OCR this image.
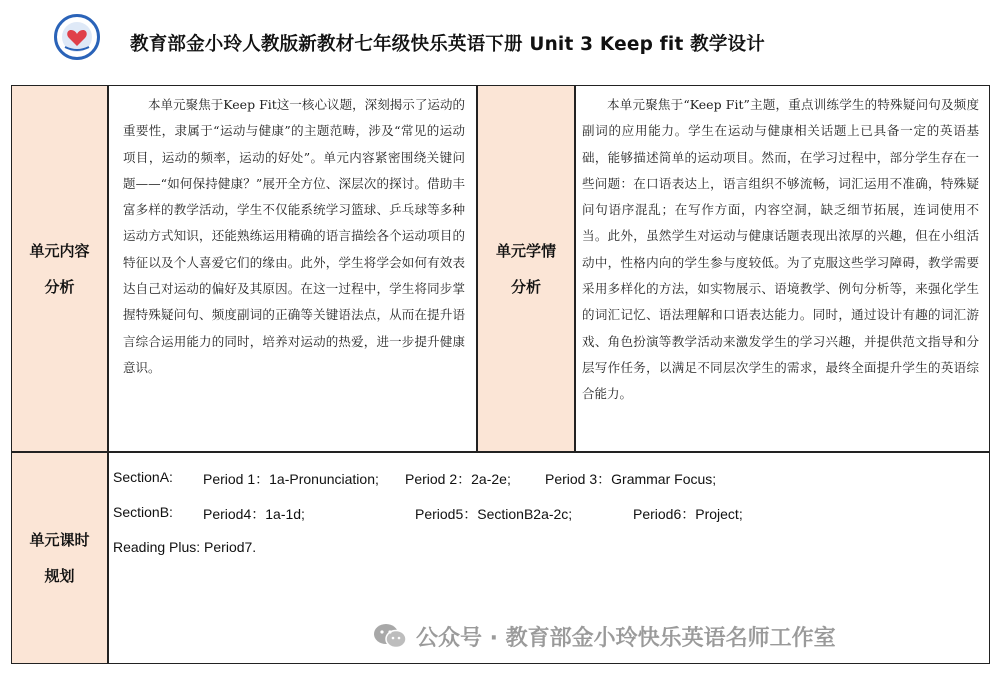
教育部金小玲人教版新教材七年级快乐英语下册 Unit 3 Keep fit 教学设计
单元内容
分析

本单元聚焦于Keep Fit这一核心议题，深刻揭示了运动的重要性，隶属于“运动与健康”的主题范畴，涉及“常见的运动项目，运动的频率，运动的好处”。单元内容紧密围绕关键问题——“如何保持健康？”展开全方位、深层次的探讨。借助丰富多样的教学活动，学生不仅能系统学习篮球、乒乓球等多种运动方式知识，还能熟练运用精确的语言描绘各个运动项目的特征以及个人喜爱它们的缘由。此外，学生将学会如何有效表达自己对运动的偏好及其原因。在这一过程中，学生将同步掌握特殊疑问句、频度副词的正确等关键语法点，从而在提升语言综合运用能力的同时，培养对运动的热爱，进一步提升健康意识。

单元学情
分析

本单元聚焦于“Keep Fit”主题，重点训练学生的特殊疑问句及频度副词的应用能力。学生在运动与健康相关话题上已具备一定的英语基础，能够描述简单的运动项目。然而，在学习过程中，部分学生存在一些问题：在口语表达上，语言组织不够流畅，词汇运用不准确，特殊疑问句语序混乱；在写作方面，内容空洞，缺乏细节拓展，连词使用不当。此外，虽然学生对运动与健康话题表现出浓厚的兴趣，但在小组活动中，性格内向的学生参与度较低。为了克服这些学习障碍，教学需要采用多样化的方法，如实物展示、语境教学、例句分析等，来强化学生的词汇记忆、语法理解和口语表达能力。同时，通过设计有趣的词汇游戏、角色扮演等教学活动来激发学生的学习兴趣，并提供范文指导和分层写作任务，以满足不同层次学生的需求，最终全面提升学生的英语综合能力。

单元课时
规划
SectionA: Period 1：1a-Pronunciation; Period 2：2a-2e; Period 3：Grammar Focus;
SectionB: Period4：1a-1d;	Period5：SectionB2a-2c;	Period6：Project;
Reading Plus: Period7.
公众号 · 教育部金小玲快乐英语名师工作室
